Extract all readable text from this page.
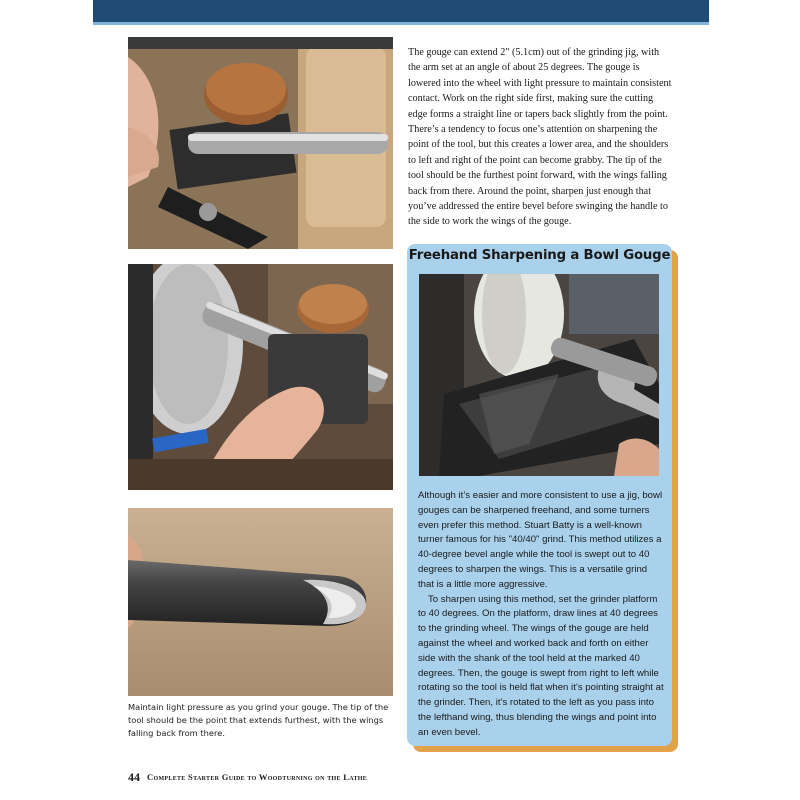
Maintain light pressure as you grind your gouge. The tip of the tool should be the point that extends furthest, with the wings falling back from there.
The gouge can extend 2" (5.1cm) out of the grinding jig, with the arm set at an angle of about 25 degrees. The gouge is lowered into the wheel with light pressure to maintain consistent contact. Work on the right side first, making sure the cutting edge forms a straight line or tapers back slightly from the point. There’s a tendency to focus one’s attention on sharpening the point of the tool, but this creates a lower area, and the shoulders to left and right of the point can become grabby. The tip of the tool should be the furthest point forward, with the wings falling back from there. Around the point, sharpen just enough that you’ve addressed the entire bevel before swinging the handle to the side to work the wings of the gouge.
Freehand Sharpening a Bowl Gouge

Although it’s easier and more consistent to use a jig, bowl gouges can be sharpened freehand, and some turners even prefer this method. Stuart Batty is a well-known turner famous for his "40/40" grind. This method utilizes a 40-degree bevel angle while the tool is swept out to 40 degrees to sharpen the wings. This is a versatile grind that is a little more aggressive.

To sharpen using this method, set the grinder platform to 40 degrees. On the platform, draw lines at 40 degrees to the grinding wheel. The wings of the gouge are held against the wheel and worked back and forth on either side with the shank of the tool held at the marked 40 degrees. Then, the gouge is swept from right to left while rotating so the tool is held flat when it’s pointing straight at the grinder. Then, it’s rotated to the left as you pass into the lefthand wing, thus blending the wings and point into an even bevel.

44 Complete Starter Guide to Woodturning on the Lathe
